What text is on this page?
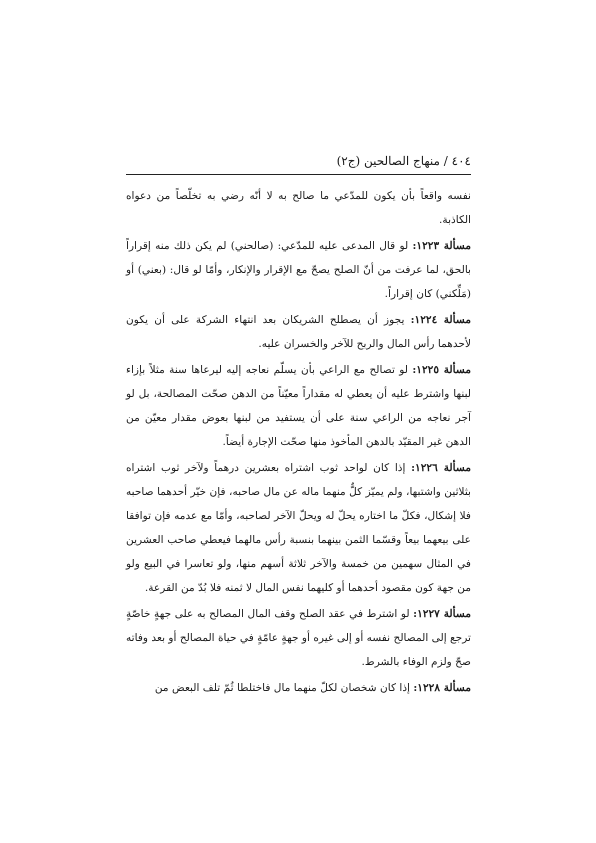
٤٠٤ / منهاج الصالحين (ج٢)

نفسه واقعاً بأن يكون للمدّعي ما صالح به لا أنّه رضي به تخلّصاً من دعواه الكاذبة.

مسألة ١٢٢٣: لو قال المدعى عليه للمدّعي: (صالحني) لم يكن ذلك منه إقراراً بالحق، لما عرفت من أنّ الصلح يصحّ مع الإقرار والإنكار، وأمّا لو قال: (بعني) أو (مَلِّكني) كان إقراراً.

مسألة ١٢٢٤: يجوز أن يصطلح الشريكان بعد انتهاء الشركة على أن يكون لأحدهما رأس المال والربح للآخر والخسران عليه.

مسألة ١٢٢٥: لو تصالح مع الراعي بأن يسلّم نعاجه إليه ليرعاها سنة مثلاً بإزاء لبنها واشترط عليه أن يعطي له مقداراً معيّناً من الدهن صحّت المصالحة، بل لو آجر نعاجه من الراعي سنة على أن يستفيد من لبنها بعوض مقدار معيّن من الدهن غير المقيّد بالدهن المأخوذ منها صحّت الإجارة أيضاً.

مسألة ١٢٢٦: إذا كان لواحد ثوب اشتراه بعشرين درهماً ولآخر ثوب اشتراه بثلاثين واشتبها، ولم يميّز كلٌّ منهما ماله عن مال صاحبه، فإن خيّر أحدهما صاحبه فلا إشكال، فكلّ ما اختاره يحلّ له ويحلّ الآخر لصاحبه، وأمّا مع عدمه فإن توافقا على بيعهما بيعاً وقسّما الثمن بينهما بنسبة رأس مالهما فيعطي صاحب العشرين في المثال سهمين من خمسة والآخر ثلاثة أسهم منها، ولو تعاسرا في البيع ولو من جهة كون مقصود أحدهما أو كليهما نفس المال لا ثمنه فلا بُدّ من القرعة.

مسألة ١٢٢٧: لو اشترط في عقد الصلح وقف المال المصالح به على جهةٍ خاصّةٍ ترجع إلى المصالح نفسه أو إلى غيره أو جهةٍ عامّةٍ في حياة المصالح أو بعد وفاته صحّ ولزم الوفاء بالشرط.

مسألة ١٢٢٨: إذا كان شخصان لكلّ منهما مال فاختلطا ثُمّ تلف البعض من
